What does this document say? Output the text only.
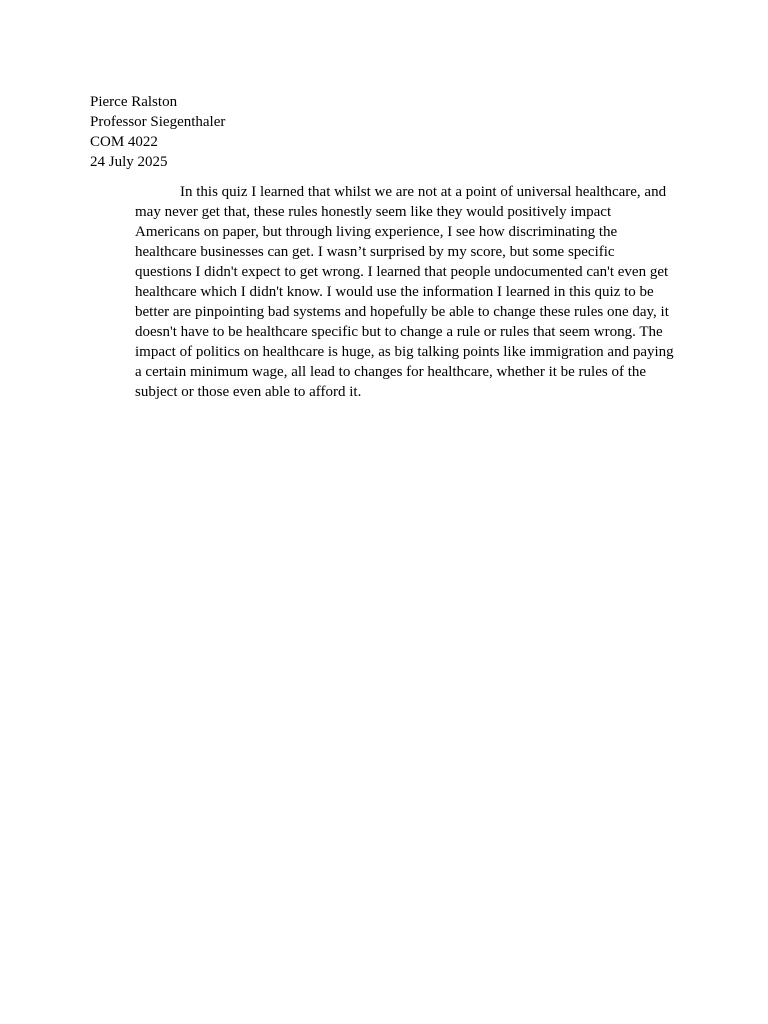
Pierce Ralston
Professor Siegenthaler
COM 4022
24 July 2025
In this quiz I learned that whilst we are not at a point of universal healthcare, and
may never get that, these rules honestly seem like they would positively impact
Americans on paper, but through living experience, I see how discriminating the
healthcare businesses can get. I wasn’t surprised by my score, but some specific
questions I didn't expect to get wrong. I learned that people undocumented can't even get
healthcare which I didn't know. I would use the information I learned in this quiz to be
better are pinpointing bad systems and hopefully be able to change these rules one day, it
doesn't have to be healthcare specific but to change a rule or rules that seem wrong. The
impact of politics on healthcare is huge, as big talking points like immigration and paying
a certain minimum wage, all lead to changes for healthcare, whether it be rules of the
subject or those even able to afford it.
